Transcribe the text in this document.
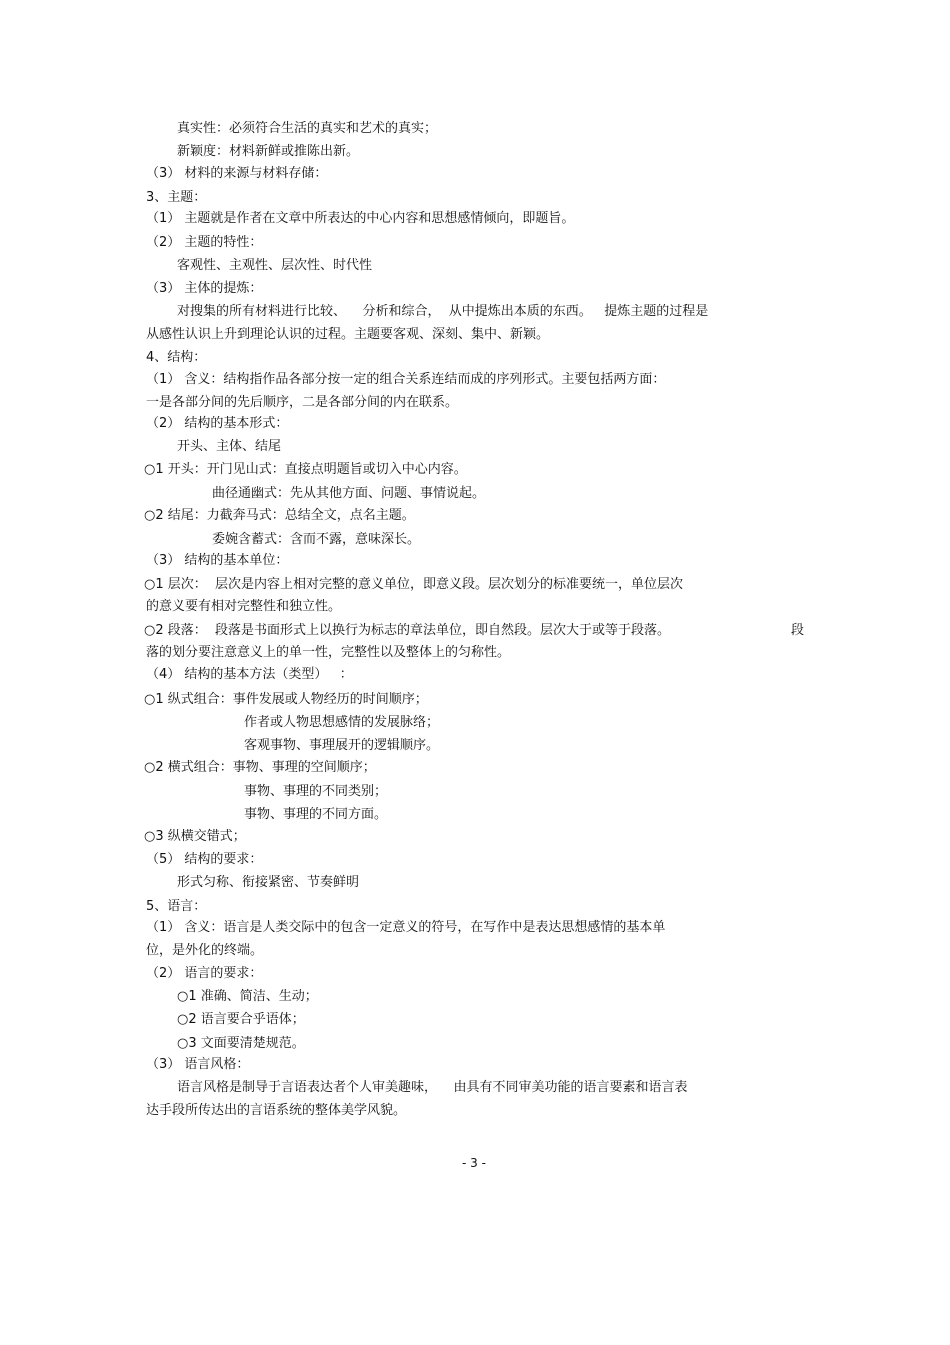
真实性：必须符合生活的真实和艺术的真实；
新颖度：材料新鲜或推陈出新。
（3） 材料的来源与材料存储：
3、主题：
（1） 主题就是作者在文章中所表达的中心内容和思想感情倾向，即题旨。
（2） 主题的特性：
客观性、主观性、层次性、时代性
（3） 主体的提炼：
对搜集的所有材料进行比较、    分析和综合，  从中提炼出本质的东西。   提炼主题的过程是
从感性认识上升到理论认识的过程。主题要客观、深刻、集中、新颖。
4、结构：
（1） 含义：结构指作品各部分按一定的组合关系连结而成的序列形式。主要包括两方面：
一是各部分间的先后顺序，二是各部分间的内在联系。
（2） 结构的基本形式：
开头、主体、结尾
○1 开头：开门见山式：直接点明题旨或切入中心内容。
曲径通幽式：先从其他方面、问题、事情说起。
○2 结尾：力截奔马式：总结全文，点名主题。
委婉含蓄式：含而不露，意味深长。
（3） 结构的基本单位：
○1 层次：  层次是内容上相对完整的意义单位，即意义段。层次划分的标准要统一，单位层次
的意义要有相对完整性和独立性。
○2 段落：  段落是书面形式上以换行为标志的章法单位，即自然段。层次大于或等于段落。	段
落的划分要注意意义上的单一性，完整性以及整体上的匀称性。
（4） 结构的基本方法（类型）   ：
○1 纵式组合：事件发展或人物经历的时间顺序；
作者或人物思想感情的发展脉络；
客观事物、事理展开的逻辑顺序。
○2 横式组合：事物、事理的空间顺序；
事物、事理的不同类别；
事物、事理的不同方面。
○3 纵横交错式；
（5） 结构的要求：
形式匀称、衔接紧密、节奏鲜明
5、语言：
（1） 含义：语言是人类交际中的包含一定意义的符号，在写作中是表达思想感情的基本单
位，是外化的终端。
（2） 语言的要求：
○1 准确、简洁、生动；
○2 语言要合乎语体；
○3 文面要清楚规范。
（3） 语言风格：
语言风格是制导于言语表达者个人审美趣味，    由具有不同审美功能的语言要素和语言表
达手段所传达出的言语系统的整体美学风貌。
- 3 -
